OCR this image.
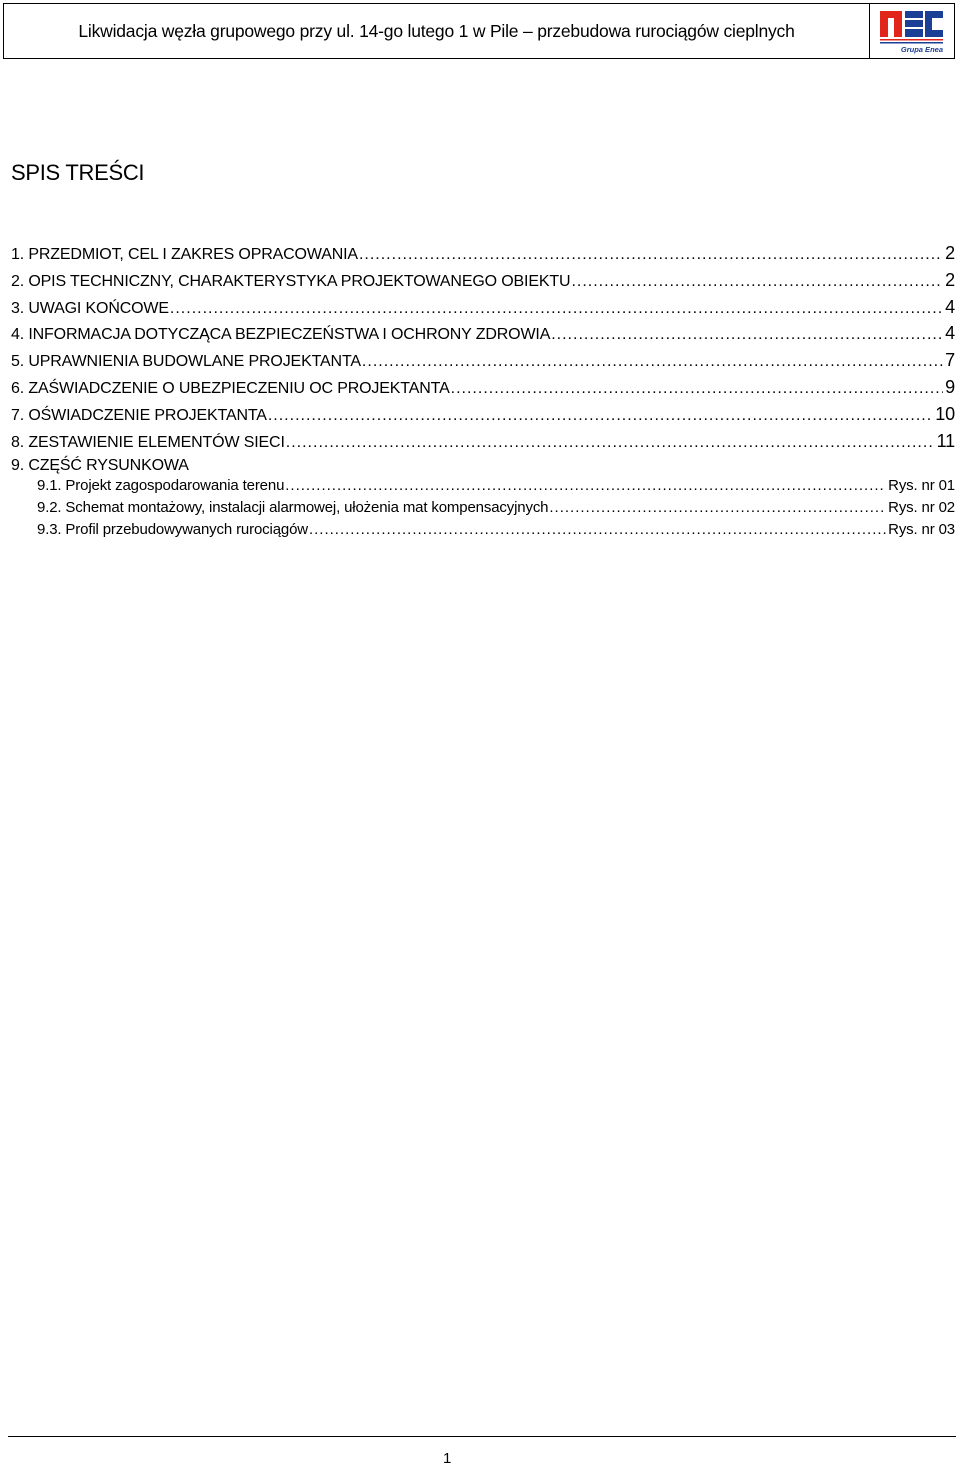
Likwidacja węzła grupowego przy ul. 14-go lutego 1 w Pile – przebudowa rurociągów cieplnych
Grupa Enea
SPIS TREŚCI
1. PRZEDMIOT, CEL I ZAKRES OPRACOWANIA .....	2
2. OPIS TECHNICZNY, CHARAKTERYSTYKA PROJEKTOWANEGO OBIEKTU .....	2
3. UWAGI KOŃCOWE .....	4
4. INFORMACJA DOTYCZĄCA BEZPIECZEŃSTWA I OCHRONY ZDROWIA .....	4
5. UPRAWNIENIA BUDOWLANE PROJEKTANTA .....	7
6. ZAŚWIADCZENIE O UBEZPIECZENIU OC PROJEKTANTA .....	9
7. OŚWIADCZENIE PROJEKTANTA .....	10
8. ZESTAWIENIE ELEMENTÓW SIECI .....	11
9. CZĘŚĆ RYSUNKOWA
9.1. Projekt zagospodarowania terenu .....	Rys. nr 01
9.2. Schemat montażowy, instalacji alarmowej, ułożenia mat kompensacyjnych .....	Rys. nr 02
9.3. Profil przebudowywanych rurociągów .....	Rys. nr 03
1
